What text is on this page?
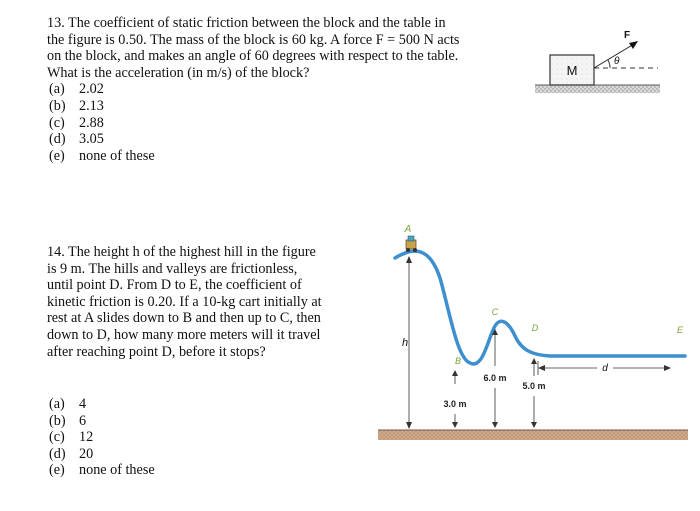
13. The coefficient of static friction between the block and the table in
the figure is 0.50. The mass of the block is 60 kg. A force F = 500 N acts
on the block, and makes an angle of 60 degrees with respect to the table.
What is the acceleration (in m/s) of the block?

(a) 2.02
(b) 2.13
(c) 2.88
(d) 3.05
(e) none of these
M
F
θ

14. The height h of the highest hill in the figure
is 9 m. The hills and valleys are frictionless,
until point D. From D to E, the coefficient of
kinetic friction is 0.20. If a 10-kg cart initially at
rest at A slides down to B and then up to C, then
down to D, how many more meters will it travel
after reaching point D, before it stops?

(a) 4
(b) 6
(c) 12
(d) 20
(e) none of these
A
B
C
D	E
h
3.0 m
6.0 m
5.0 m
d
